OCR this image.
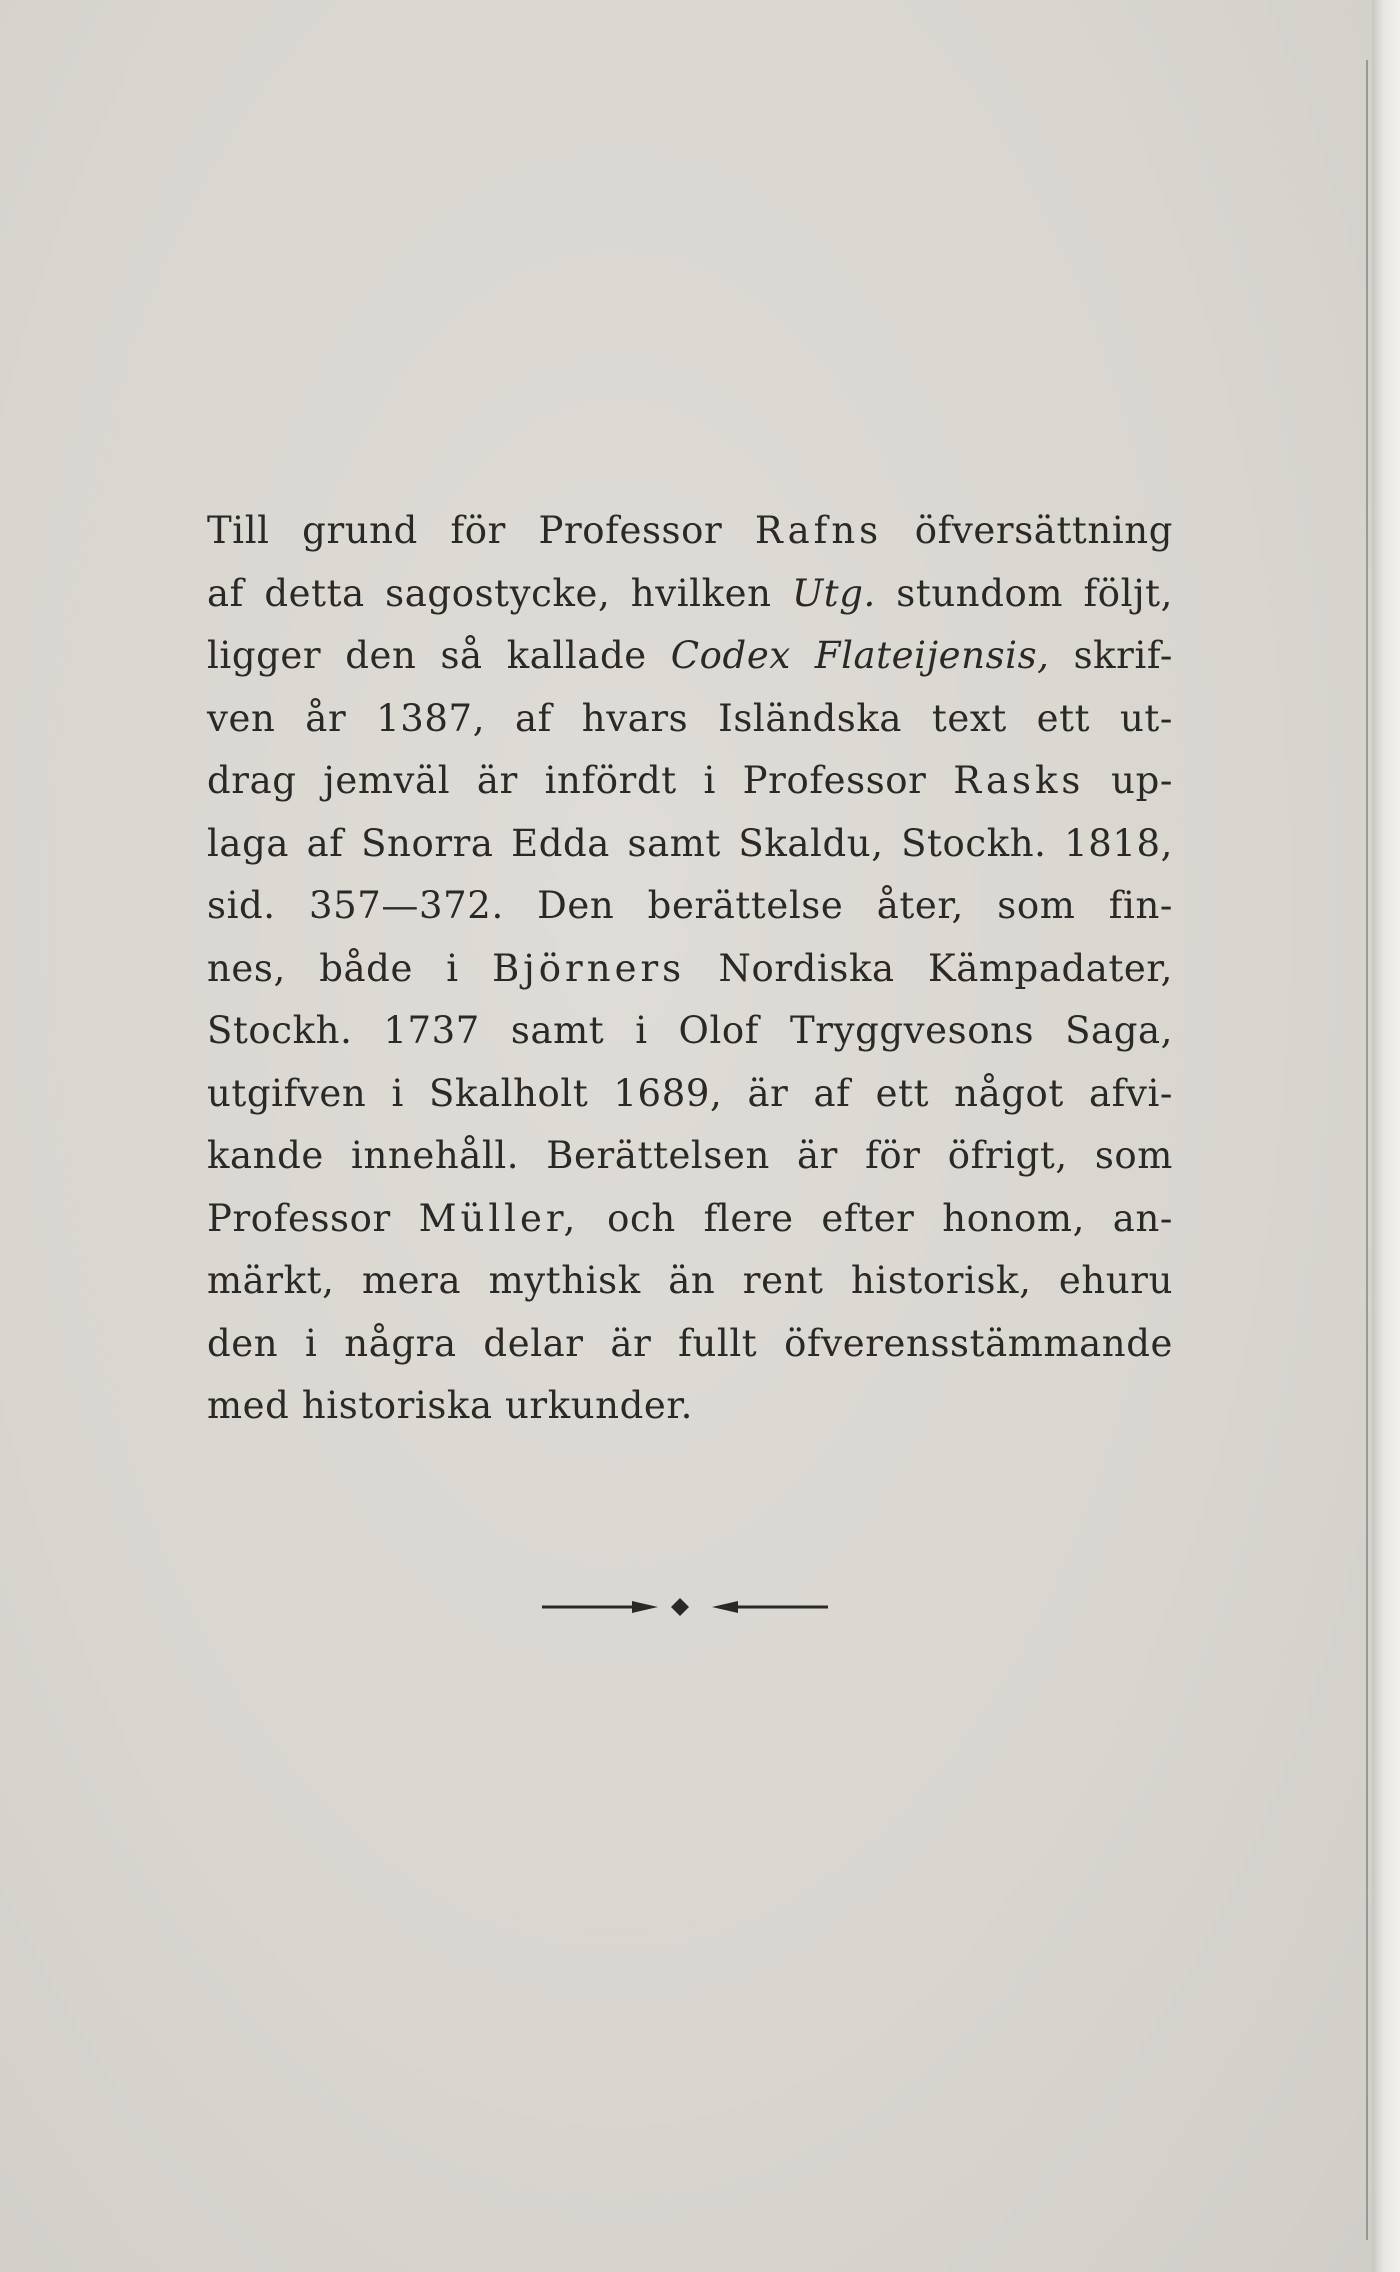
Till grund för Professor Rafns öfversättning
af detta sagostycke, hvilken Utg. stundom följt,
ligger den så kallade Codex Flateijensis, skrif-
ven år 1387, af hvars Isländska text ett ut-
drag jemväl är infördt i Professor Rasks up-
laga af Snorra Edda samt Skaldu, Stockh. 1818,
sid. 357—372. Den berättelse åter, som fin-
nes, både i Björners Nordiska Kämpadater,
Stockh. 1737 samt i Olof Tryggvesons Saga,
utgifven i Skalholt 1689, är af ett något afvi-
kande innehåll. Berättelsen är för öfrigt, som
Professor Müller, och flere efter honom, an-
märkt, mera mythisk än rent historisk, ehuru
den i några delar är fullt öfverensstämmande
med historiska urkunder.
